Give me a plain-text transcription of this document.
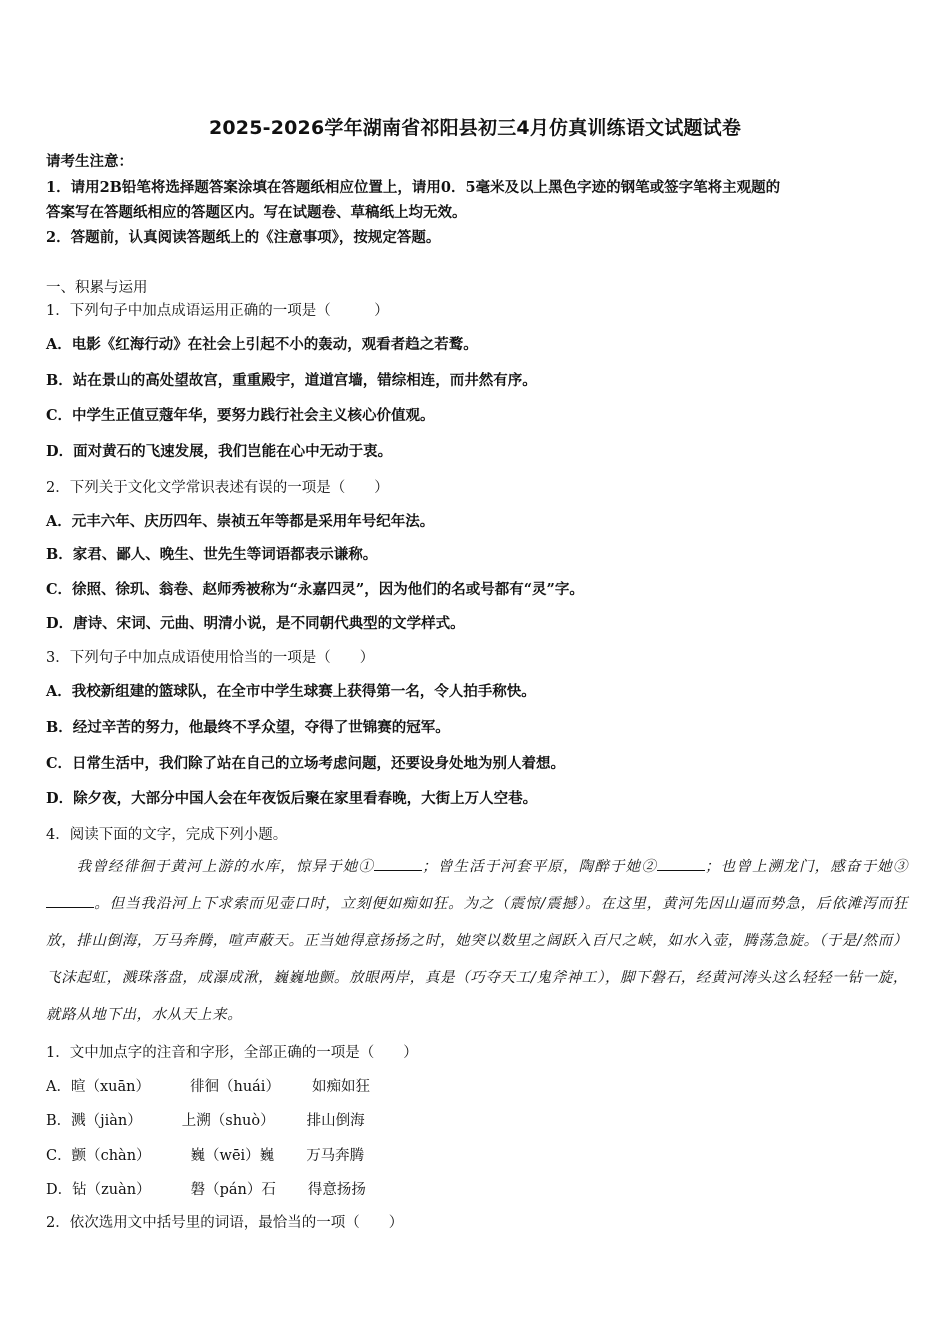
2025-2026学年湖南省祁阳县初三4月仿真训练语文试题试卷
请考生注意：
1．请用2B铅笔将选择题答案涂填在答题纸相应位置上，请用0．5毫米及以上黑色字迹的钢笔或签字笔将主观题的
答案写在答题纸相应的答题区内。写在试题卷、草稿纸上均无效。
2．答题前，认真阅读答题纸上的《注意事项》，按规定答题。
一、积累与运用
1．下列句子中加点成语运用正确的一项是（　　　）
A．电影《红海行动》在社会上引起不小的轰动，观看者趋之若鹜。
B．站在景山的高处望故宫，重重殿宇，道道宫墙，错综相连，而井然有序。
C．中学生正值豆蔻年华，要努力践行社会主义核心价值观。
D．面对黄石的飞速发展，我们岂能在心中无动于衷。
2．下列关于文化文学常识表述有误的一项是（　　）
A．元丰六年、庆历四年、崇祯五年等都是采用年号纪年法。
B．家君、鄙人、晚生、世先生等词语都表示谦称。
C．徐照、徐玑、翁卷、赵师秀被称为“永嘉四灵”，因为他们的名或号都有“灵”字。
D．唐诗、宋词、元曲、明清小说，是不同朝代典型的文学样式。
3．下列句子中加点成语使用恰当的一项是（　　）
A．我校新组建的篮球队，在全市中学生球赛上获得第一名，令人拍手称快。
B．经过辛苦的努力，他最终不孚众望，夺得了世锦赛的冠军。
C．日常生活中，我们除了站在自己的立场考虑问题，还要设身处地为别人着想。
D．除夕夜，大部分中国人会在年夜饭后聚在家里看春晚，大街上万人空巷。
4．阅读下面的文字，完成下列小题。
我曾经徘徊于黄河上游的水库，惊异于她①	；曾生活于河套平原，陶醉于她②	；也曾上溯龙门，感奋于她③。但当我沿河上下求索而见壶口时，立刻便如痴如狂。为之（震惊/震撼）。在这里，黄河先因山逼而势急，后依滩泻而狂放，排山倒海，万马奔腾，喧声蔽天。正当她得意扬扬之时，她突以数里之阔跃入百尺之峡，如水入壶，腾荡急旋。（于是/然而）飞沫起虹，溅珠落盘，成瀑成湫，巍巍地颤。放眼两岸，真是（巧夺天工/鬼斧神工），脚下磐石，经黄河涛头这么轻轻一钻一旋，就路从地下出，水从天上来。
1．文中加点字的注音和字形，全部正确的一项是（　　）
A．暄（xuān）	徘徊（huái） 如痴如狂
B．溅（jiàn）	上溯（shuò） 排山倒海
C．颤（chàn）	巍（wēi）巍 万马奔腾
D．钻（zuàn）	磐（pán）石 得意扬扬
2．依次选用文中括号里的词语，最恰当的一项（　　）
